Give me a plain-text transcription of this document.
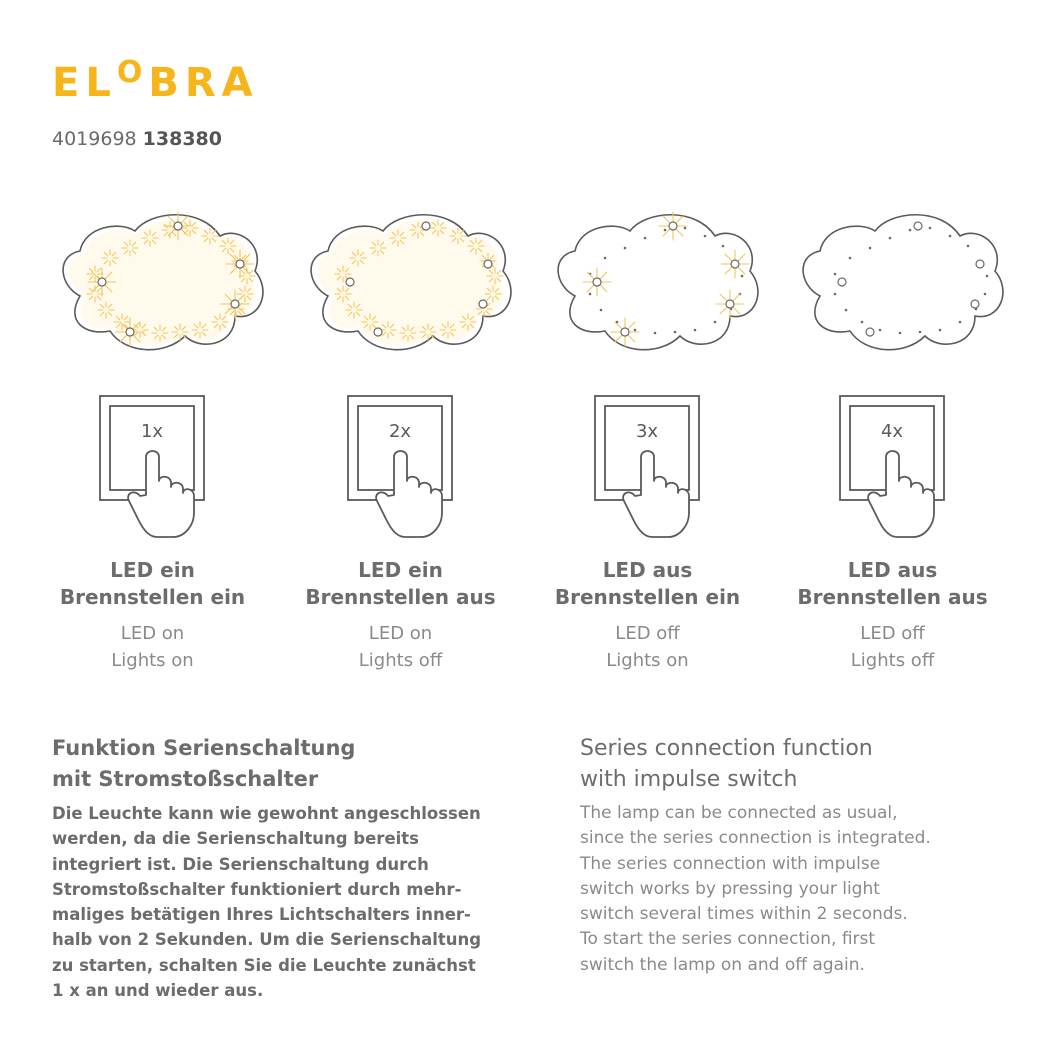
$EL^OBRA$
4019698 138380
1x
LED ein
Brennstellen ein
LED on
Lights on
2x
LED ein
Brennstellen aus
LED on
Lights off
3x
LED aus
Brennstellen ein
LED off
Lights on
4x
LED aus
Brennstellen aus
LED off
Lights off
Funktion Serienschaltung
mit Stromstoßschalter
Die Leuchte kann wie gewohnt angeschlossen
werden, da die Serienschaltung bereits
integriert ist. Die Serienschaltung durch
Stromstoßschalter funktioniert durch mehr-
maliges betätigen Ihres Lichtschalters inner-
halb von 2 Sekunden. Um die Serienschaltung
zu starten, schalten Sie die Leuchte zunächst
1 x an und wieder aus.
Series connection function
with impulse switch
The lamp can be connected as usual,
since the series connection is integrated.
The series connection with impulse
switch works by pressing your light
switch several times within 2 seconds.
To start the series connection, first
switch the lamp on and off again.
